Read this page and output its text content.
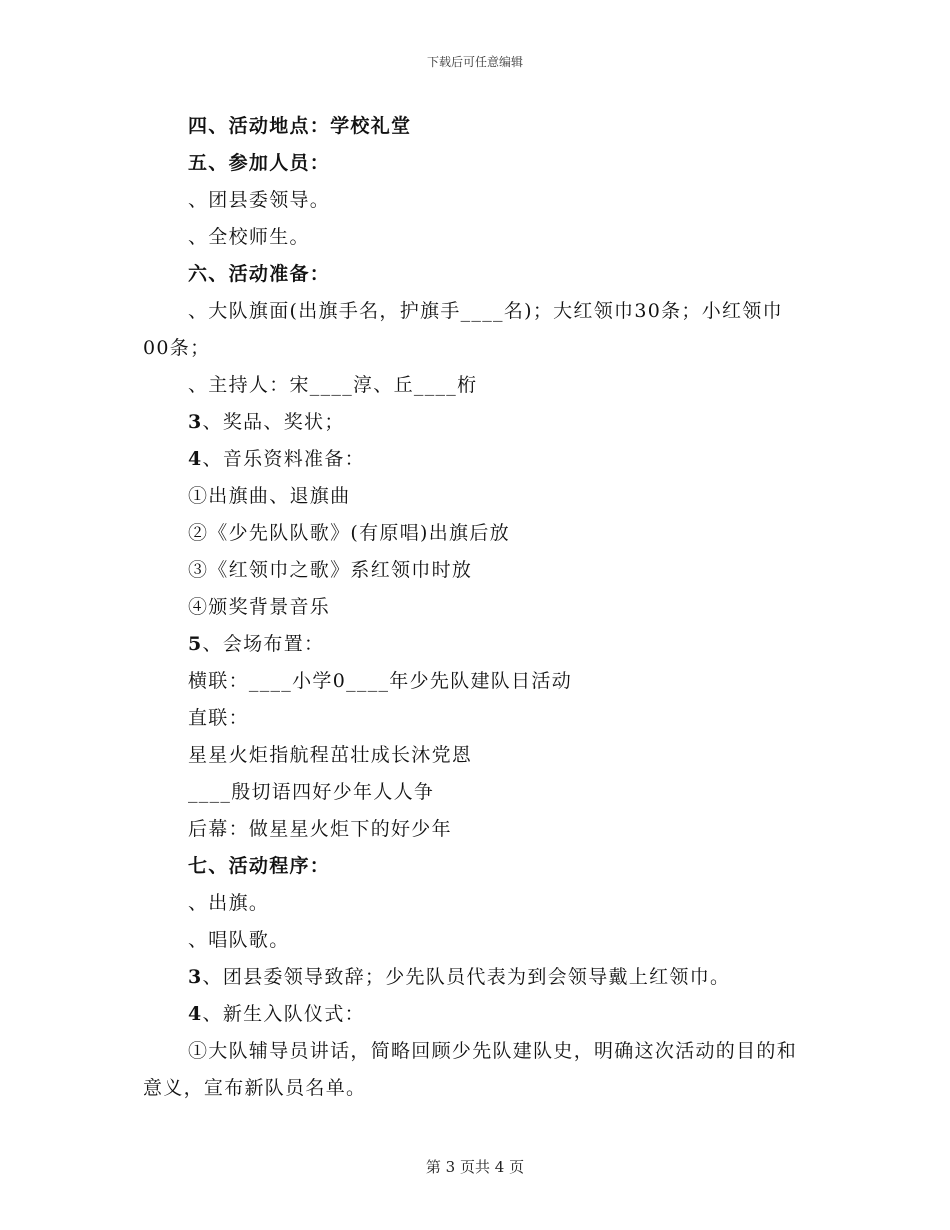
下载后可任意编辑
四、活动地点：学校礼堂
五、参加人员：
、团县委领导。
、全校师生。
六、活动准备：
、大队旗面(出旗手名，护旗手____名)；大红领巾30条；小红领巾00条；
、主持人：宋____淳、丘____桁
3、奖品、奖状；
4、音乐资料准备：
①出旗曲、退旗曲
②《少先队队歌》(有原唱)出旗后放
③《红领巾之歌》系红领巾时放
④颁奖背景音乐
5、会场布置：
横联：____小学0____年少先队建队日活动
直联：
星星火炬指航程茁壮成长沐党恩
____殷切语四好少年人人争
后幕：做星星火炬下的好少年
七、活动程序：
、出旗。
、唱队歌。
3、团县委领导致辞；少先队员代表为到会领导戴上红领巾。
4、新生入队仪式：
①大队辅导员讲话，简略回顾少先队建队史，明确这次活动的目的和意义，宣布新队员名单。
第 3 页共 4 页
